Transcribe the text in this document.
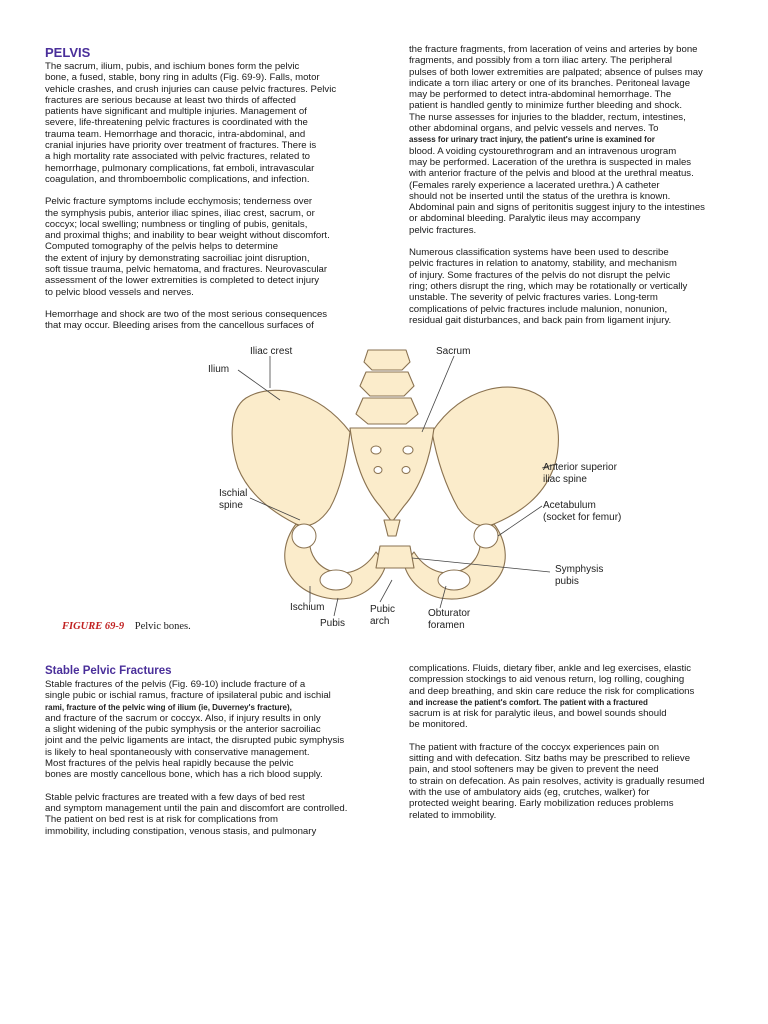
PELVIS
The sacrum, ilium, pubis, and ischium bones form the pelvic
bone, a fused, stable, bony ring in adults (Fig. 69-9). Falls, motor
vehicle crashes, and crush injuries can cause pelvic fractures. Pelvic
fractures are serious because at least two thirds of affected
patients have significant and multiple injuries. Management of
severe, life-threatening pelvic fractures is coordinated with the
trauma team. Hemorrhage and thoracic, intra-abdominal, and
cranial injuries have priority over treatment of fractures. There is
a high mortality rate associated with pelvic fractures, related to
hemorrhage, pulmonary complications, fat emboli, intravascular
coagulation, and thromboembolic complications, and infection.
Pelvic fracture symptoms include ecchymosis; tenderness over
the symphysis pubis, anterior iliac spines, iliac crest, sacrum, or
coccyx; local swelling; numbness or tingling of pubis, genitals,
and proximal thighs; and inability to bear weight without discomfort.
Computed tomography of the pelvis helps to determine
the extent of injury by demonstrating sacroiliac joint disruption,
soft tissue trauma, pelvic hematoma, and fractures. Neurovascular
assessment of the lower extremities is completed to detect injury
to pelvic blood vessels and nerves.
Hemorrhage and shock are two of the most serious consequences
that may occur. Bleeding arises from the cancellous surfaces of
the fracture fragments, from laceration of veins and arteries by bone
fragments, and possibly from a torn iliac artery. The peripheral
pulses of both lower extremities are palpated; absence of pulses may
indicate a torn iliac artery or one of its branches. Peritoneal lavage
may be performed to detect intra-abdominal hemorrhage. The
patient is handled gently to minimize further bleeding and shock.
The nurse assesses for injuries to the bladder, rectum, intestines,
other abdominal organs, and pelvic vessels and nerves. To
assess for urinary tract injury, the patient's urine is examined for
blood. A voiding cystourethrogram and an intravenous urogram
may be performed. Laceration of the urethra is suspected in males
with anterior fracture of the pelvis and blood at the urethral meatus.
(Females rarely experience a lacerated urethra.) A catheter
should not be inserted until the status of the urethra is known.
Abdominal pain and signs of peritonitis suggest injury to the intestines
or abdominal bleeding. Paralytic ileus may accompany
pelvic fractures.
Numerous classification systems have been used to describe
pelvic fractures in relation to anatomy, stability, and mechanism
of injury. Some fractures of the pelvis do not disrupt the pelvic
ring; others disrupt the ring, which may be rotationally or vertically
unstable. The severity of pelvic fractures varies. Long-term
complications of pelvic fractures include malunion, nonunion,
residual gait disturbances, and back pain from ligament injury.
Iliac crest
Ilium
Sacrum
Anterior superior
iliac spine
Ischial
spine	Acetabulum
(socket for femur)
Symphysis
pubis
Ischium
Pubis
Pubic
arch
Obturator
foramen
FIGURE 69-9 Pelvic bones.
Stable Pelvic Fractures
Stable fractures of the pelvis (Fig. 69-10) include fracture of a
single pubic or ischial ramus, fracture of ipsilateral pubic and ischial
rami, fracture of the pelvic wing of ilium (ie, Duverney's fracture),
and fracture of the sacrum or coccyx. Also, if injury results in only
a slight widening of the pubic symphysis or the anterior sacroiliac
joint and the pelvic ligaments are intact, the disrupted pubic symphysis
is likely to heal spontaneously with conservative management.
Most fractures of the pelvis heal rapidly because the pelvic
bones are mostly cancellous bone, which has a rich blood supply.
Stable pelvic fractures are treated with a few days of bed rest
and symptom management until the pain and discomfort are controlled.
The patient on bed rest is at risk for complications from
immobility, including constipation, venous stasis, and pulmonary
complications. Fluids, dietary fiber, ankle and leg exercises, elastic
compression stockings to aid venous return, log rolling, coughing
and deep breathing, and skin care reduce the risk for complications
and increase the patient's comfort. The patient with a fractured
sacrum is at risk for paralytic ileus, and bowel sounds should
be monitored.
The patient with fracture of the coccyx experiences pain on
sitting and with defecation. Sitz baths may be prescribed to relieve
pain, and stool softeners may be given to prevent the need
to strain on defecation. As pain resolves, activity is gradually resumed
with the use of ambulatory aids (eg, crutches, walker) for
protected weight bearing. Early mobilization reduces problems
related to immobility.
